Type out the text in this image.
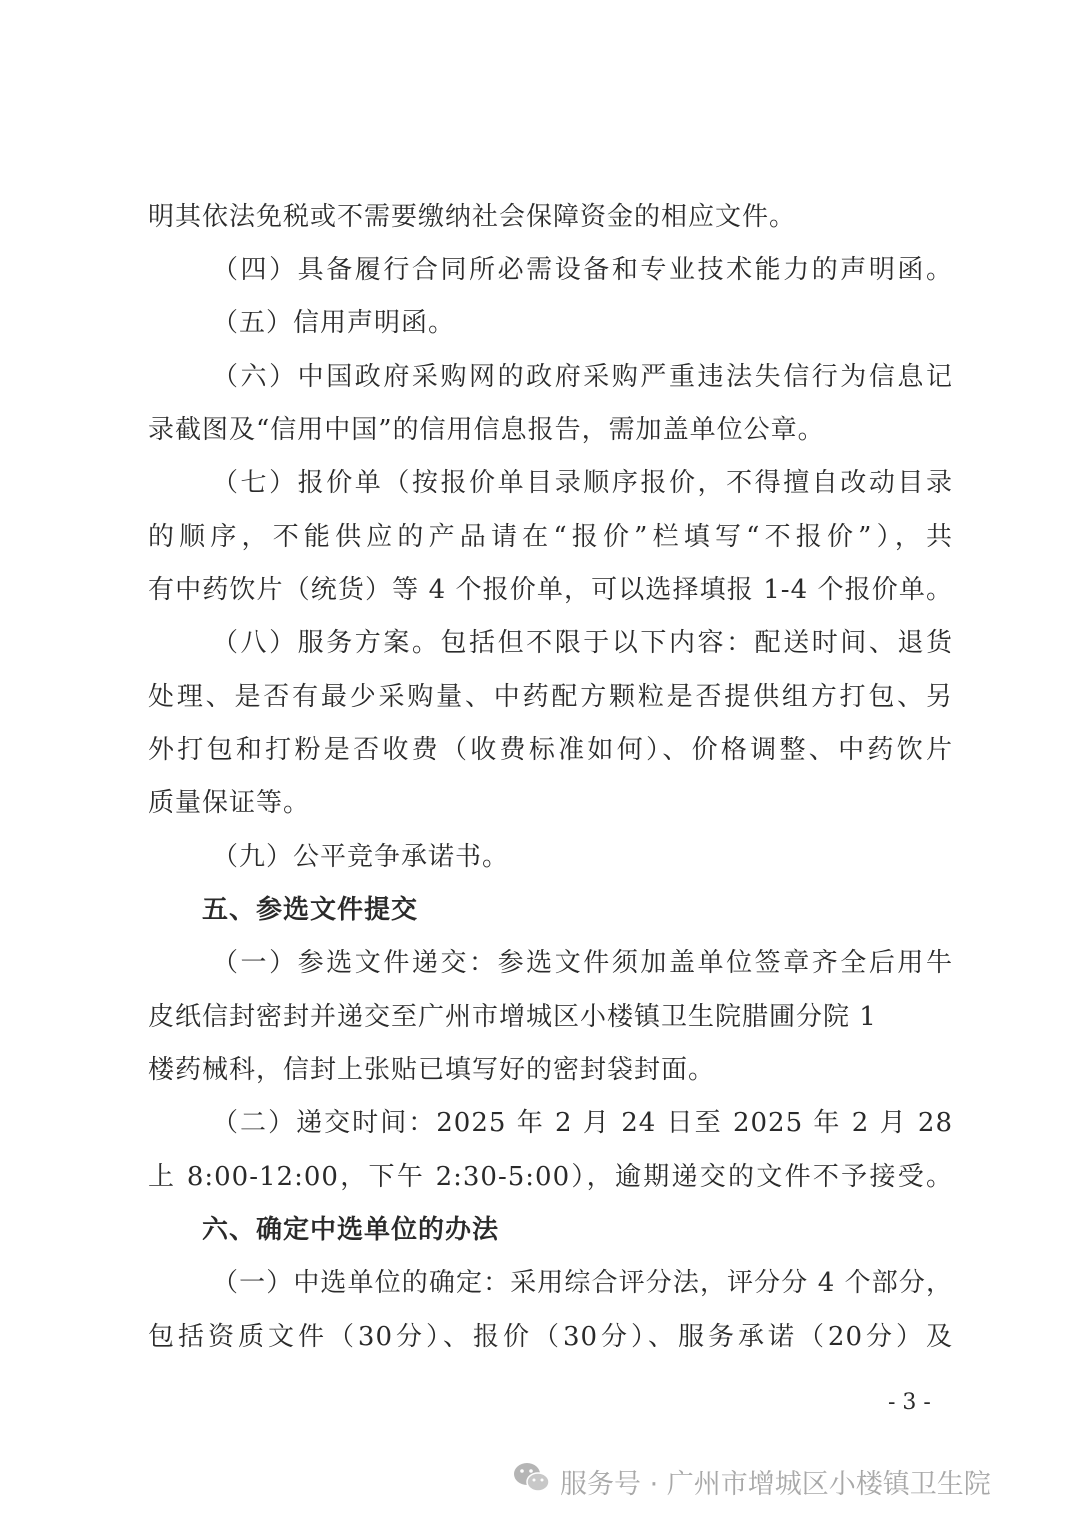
明其依法免税或不需要缴纳社会保障资金的相应文件。
（四）具备履行合同所必需设备和专业技术能力的声明函。
（五）信用声明函。
（六）中国政府采购网的政府采购严重违法失信行为信息记
录截图及“信用中国”的信用信息报告，需加盖单位公章。
（七）报价单（按报价单目录顺序报价，不得擅自改动目录
的顺序，不能供应的产品请在“报价”栏填写“不报价”），共
有中药饮片（统货）等 4 个报价单，可以选择填报 1-4 个报价单。
（八）服务方案。包括但不限于以下内容：配送时间、退货
处理、是否有最少采购量、中药配方颗粒是否提供组方打包、另
外打包和打粉是否收费（收费标准如何）、价格调整、中药饮片
质量保证等。
（九）公平竞争承诺书。
五、参选文件提交
（一）参选文件递交：参选文件须加盖单位签章齐全后用牛
皮纸信封密封并递交至广州市增城区小楼镇卫生院腊圃分院 1
楼药械科，信封上张贴已填写好的密封袋封面。
（二）递交时间：2025 年 2 月 24 日至 2025 年 2 月 28
上 8:00-12:00，下午 2:30-5:00），逾期递交的文件不予接受。
六、确定中选单位的办法
（一）中选单位的确定：采用综合评分法，评分分 4 个部分，
包括资质文件（30分）、报价（30分）、服务承诺（20分）及
- 3 -
服务号 · 广州市增城区小楼镇卫生院
